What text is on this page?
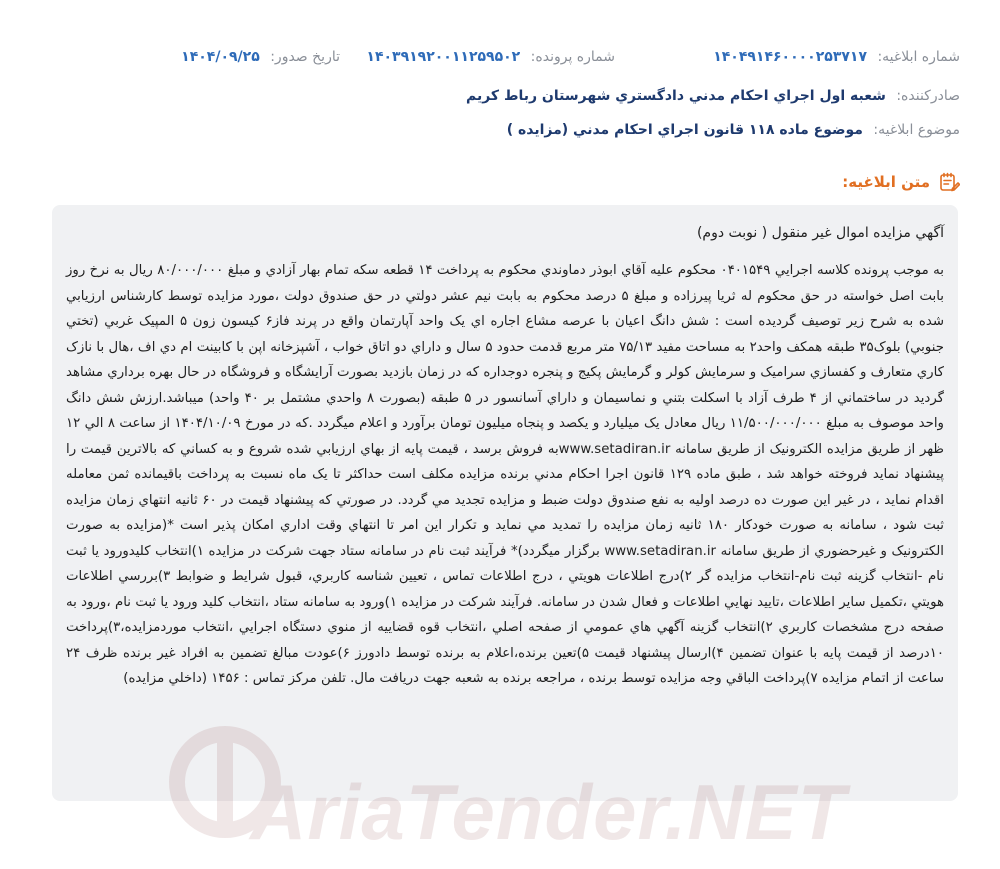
شماره ابلاغيه: ۱۴۰۴۹۱۴۶۰۰۰۰۲۵۳۷۱۷
شماره پرونده: ۱۴۰۳۹۱۹۲۰۰۱۱۲۵۹۵۰۲
تاريخ صدور: ۱۴۰۴/۰۹/۲۵
صادرکننده: شعبه اول اجراي احکام مدني دادگستري شهرستان رباط کريم
موضوع ابلاغيه: موضوع ماده ۱۱۸ قانون اجراي احکام مدني (مزايده )
متن ابلاغيه:
آگهي مزايده اموال غير منقول ( نوبت دوم)

به موجب پرونده کلاسه اجرايي ۰۴۰۱۵۴۹ محکوم عليه آقاي ابوذر دماوندي محکوم به پرداخت ۱۴ قطعه سکه تمام بهار آزادي و مبلغ ۸۰/۰۰۰/۰۰۰ ريال به نرخ روز بابت اصل خواسته در حق محکوم له ثريا پيرزاده و مبلغ ۵ درصد محکوم به بابت نيم عشر دولتي در حق صندوق دولت ،مورد مزايده توسط کارشناس ارزيابي شده به شرح زير توصيف گرديده است : شش دانگ اعيان با عرصه مشاع اجاره اي يک واحد آپارتمان واقع در پرند فاز۶ کيسون زون ۵ المپيک غربي (تختي جنوبي) بلوک۳۵ طبقه همکف واحد۲ به مساحت مفيد ۷۵/۱۳ متر مربع قدمت حدود ۵ سال و داراي دو اتاق خواب ، آشپزخانه اپن با کابينت ام دي اف ،هال با نازک کاري متعارف و کفسازي سراميک و سرمايش کولر و گرمايش پکيج و پنجره دوجداره که در زمان بازديد بصورت آرايشگاه و فروشگاه در حال بهره برداري مشاهد گرديد در ساختماني از ۴ طرف آزاد با اسکلت بتني و نماسيمان و داراي آسانسور در ۵ طبقه (بصورت ۸ واحدي مشتمل بر ۴۰ واحد) ميباشد.ارزش شش دانگ واحد موصوف به مبلغ ۱۱/۵۰۰/۰۰۰/۰۰۰ ريال معادل يک ميليارد و يکصد و پنجاه ميليون تومان برآورد و اعلام ميگردد .که در مورخ ۱۴۰۴/۱۰/۰۹ از ساعت ۸ الي ۱۲ ظهر از طريق مزايده الکترونيک از طريق سامانه www.setadiran.irبه فروش برسد ، قيمت پايه از بهاي ارزيابي شده شروع و به کساني که بالاترين قيمت را پيشنهاد نمايد فروخته خواهد شد ، طبق ماده ۱۲۹ قانون اجرا احکام مدني برنده مزايده مکلف است حداکثر تا يک ماه نسبت به پرداخت باقيمانده ثمن معامله اقدام نمايد ، در غير اين صورت ده درصد اوليه به نفع صندوق دولت ضبط و مزايده تجديد مي گردد. در صورتي که پيشنهاد قيمت در ۶۰ ثانيه انتهاي زمان مزايده ثبت شود ، سامانه به صورت خودکار ۱۸۰ ثانيه زمان مزايده را تمديد مي نمايد و تکرار اين امر تا انتهاي وقت اداري امکان پذير است *(مزايده به صورت الکترونيک و غيرحضوري از طريق سامانه www.setadiran.ir برگزار ميگردد)* فرآيند ثبت نام در سامانه ستاد جهت شرکت در مزايده ۱)انتخاب کليدورود يا ثبت نام -انتخاب گزينه ثبت نام-انتخاب مزايده گر ۲)درج اطلاعات هويتي ، درج اطلاعات تماس ، تعيين شناسه کاربري، قبول شرايط و ضوابط ۳)بررسي اطلاعات هويتي ،تکميل ساير اطلاعات ،تاييد نهايي اطلاعات و فعال شدن در سامانه. فرآيند شرکت در مزايده ۱)ورود به سامانه ستاد ،انتخاب کليد ورود يا ثبت نام ،ورود به صفحه درج مشخصات کاربري ۲)انتخاب گزينه آگهي هاي عمومي از صفحه اصلي ،انتخاب قوه قضاييه از منوي دستگاه اجرايي ،انتخاب موردمزايده،۳)پرداخت ۱۰درصد از قيمت پايه با عنوان تضمين ۴)ارسال پيشنهاد قيمت ۵)تعين برنده،اعلام به برنده توسط دادورز ۶)عودت مبالغ تضمين به افراد غير برنده ظرف ۲۴ ساعت از اتمام مزايده ۷)پرداخت الباقي وجه مزايده توسط برنده ، مراجعه برنده به شعبه جهت دريافت مال. تلفن مرکز تماس : ۱۴۵۶ (داخلي مزايده)

AriaTender.NET
